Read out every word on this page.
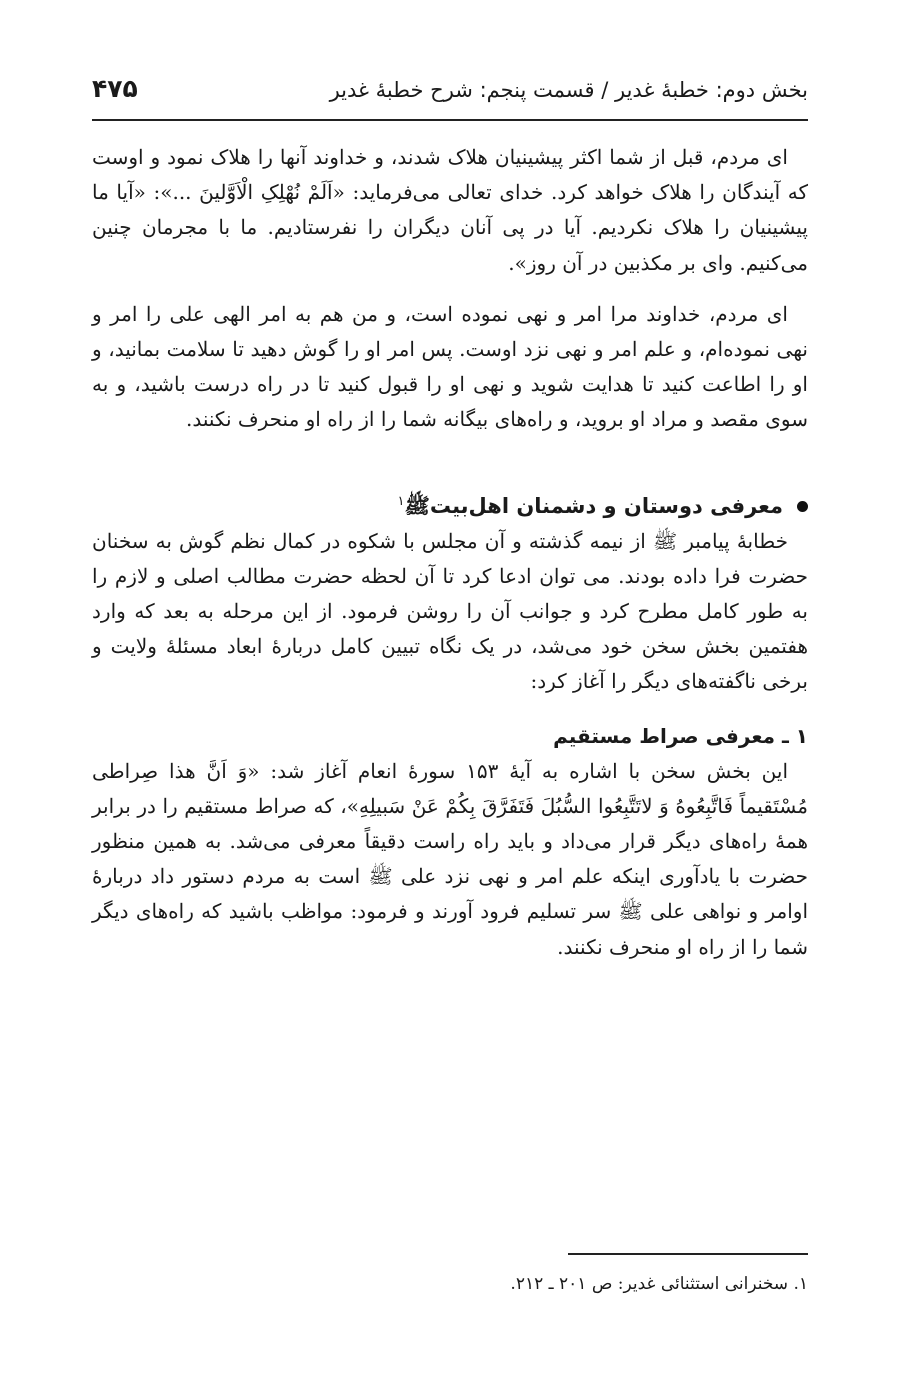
بخش دوم: خطبهٔ غدیر / قسمت پنجم: شرح خطبهٔ غدیر
۴۷۵

ای مردم، قبل از شما اکثر پیشینیان هلاک شدند، و خداوند آنها را هلاک نمود و اوست که آیندگان را هلاک خواهد کرد. خدای تعالی می‌فرماید: «اَلَمْ نُهْلِکِ الْاَوَّلینَ ...»: «آیا ما پیشینیان را هلاک نکردیم. آیا در پی آنان دیگران را نفرستادیم. ما با مجرمان چنین می‌کنیم. وای بر مکذبین در آن روز».

ای مردم، خداوند مرا امر و نهی نموده است، و من هم به امر الهی علی را امر و نهی نموده‌ام، و علم امر و نهی نزد اوست. پس امر او را گوش دهید تا سلامت بمانید، و او را اطاعت کنید تا هدایت شوید و نهی او را قبول کنید تا در راه درست باشید، و به سوی مقصد و مراد او بروید، و راه‌های بیگانه شما را از راه او منحرف نکنند.

معرفی دوستان و دشمنان اهل‌بیتﷺ$^۱$

خطابهٔ پیامبر ﷺ از نیمه گذشته و آن مجلس با شکوه در کمال نظم گوش به سخنان حضرت فرا داده بودند. می توان ادعا کرد تا آن لحظه حضرت مطالب اصلی و لازم را به طور کامل مطرح کرد و جوانب آن را روشن فرمود. از این مرحله به بعد که وارد هفتمین بخش سخن خود می‌شد، در یک نگاه تبیین کامل دربارهٔ ابعاد مسئلهٔ ولایت و برخی ناگفته‌های دیگر را آغاز کرد:

۱ ـ معرفی صراط مستقیم

این بخش سخن با اشاره به آیهٔ ۱۵۳ سورهٔ انعام آغاز شد: «وَ اَنَّ هذا صِراطی مُسْتَقیماً فَاتَّبِعُوهُ وَ لاتَتَّبِعُوا السُّبُلَ فَتَفَرَّقَ بِکُمْ عَنْ سَبیلِهِ»، که صراط مستقیم را در برابر همهٔ راه‌های دیگر قرار می‌داد و باید راه راست دقیقاً معرفی می‌شد. به همین منظور حضرت با یادآوری اینکه علم امر و نهی نزد علی ﷺ است به مردم دستور داد دربارهٔ اوامر و نواهی علی ﷺ سر تسلیم فرود آورند و فرمود: مواظب باشید که راه‌های دیگر شما را از راه او منحرف نکنند.

۱. سخنرانی استثنائی غدیر: ص ۲۰۱ ـ ۲۱۲.
